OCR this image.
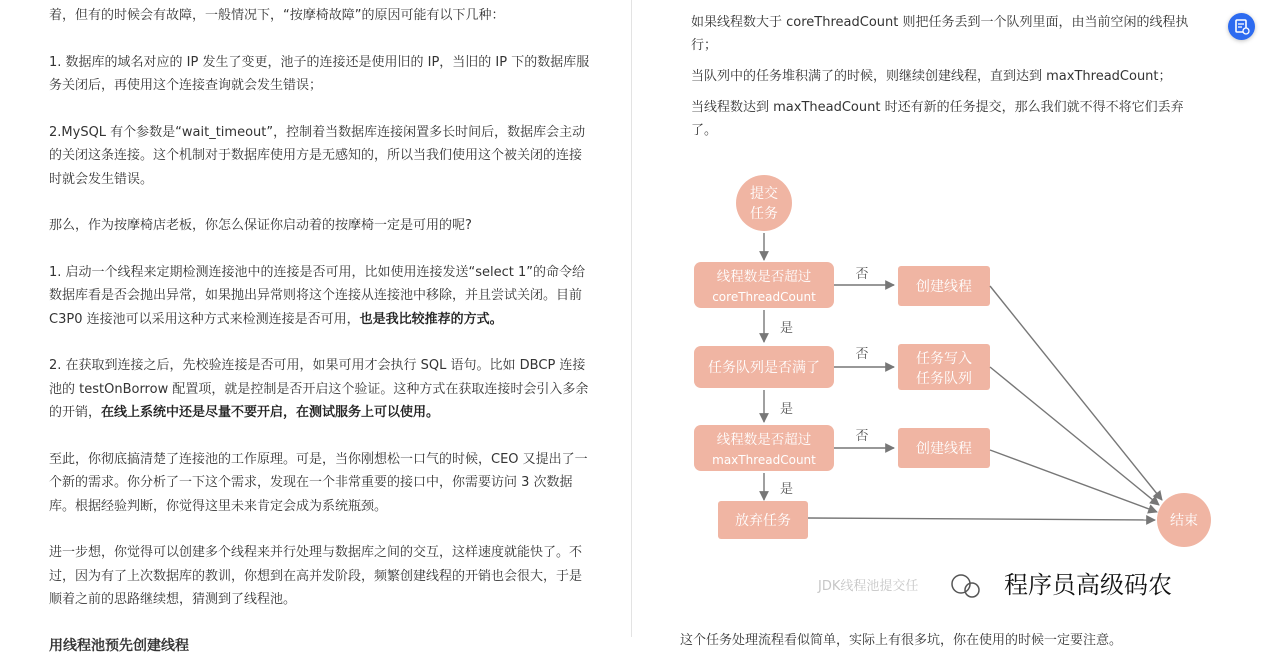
着，但有的时候会有故障，一般情况下，“按摩椅故障”的原因可能有以下几种：

1. 数据库的域名对应的 IP 发生了变更，池子的连接还是使用旧的 IP，当旧的 IP 下的数据库服务关闭后，再使用这个连接查询就会发生错误；

2.MySQL 有个参数是“wait_timeout”，控制着当数据库连接闲置多长时间后，数据库会主动的关闭这条连接。这个机制对于数据库使用方是无感知的，所以当我们使用这个被关闭的连接时就会发生错误。

那么，作为按摩椅店老板，你怎么保证你启动着的按摩椅一定是可用的呢?

1. 启动一个线程来定期检测连接池中的连接是否可用，比如使用连接发送“select 1”的命令给数据库看是否会抛出异常，如果抛出异常则将这个连接从连接池中移除，并且尝试关闭。目前 C3P0 连接池可以采用这种方式来检测连接是否可用，也是我比较推荐的方式。

2. 在获取到连接之后，先校验连接是否可用，如果可用才会执行 SQL 语句。比如 DBCP 连接池的 testOnBorrow 配置项，就是控制是否开启这个验证。这种方式在获取连接时会引入多余的开销，在线上系统中还是尽量不要开启，在测试服务上可以使用。

至此，你彻底搞清楚了连接池的工作原理。可是，当你刚想松一口气的时候，CEO 又提出了一个新的需求。你分析了一下这个需求，发现在一个非常重要的接口中，你需要访问 3 次数据库。根据经验判断，你觉得这里未来肯定会成为系统瓶颈。

进一步想，你觉得可以创建多个线程来并行处理与数据库之间的交互，这样速度就能快了。不过，因为有了上次数据库的教训，你想到在高并发阶段，频繁创建线程的开销也会很大，于是顺着之前的思路继续想，猜测到了线程池。

用线程池预先创建线程

如果线程数大于 coreThreadCount 则把任务丢到一个队列里面，由当前空闲的线程执行；

当队列中的任务堆积满了的时候，则继续创建线程，直到达到 maxThreadCount；

当线程数达到 maxTheadCount 时还有新的任务提交，那么我们就不得不将它们丢弃了。

提交
任务
线程数是否超过
coreThreadCount
否
创建线程
是
任务队列是否满了
否	任务写入
任务队列
是
线程数是否超过
maxThreadCount
否
创建线程
是
放弃任务	结束
JDK线程池提交任	程序员高级码农
这个任务处理流程看似简单，实际上有很多坑，你在使用的时候一定要注意。
